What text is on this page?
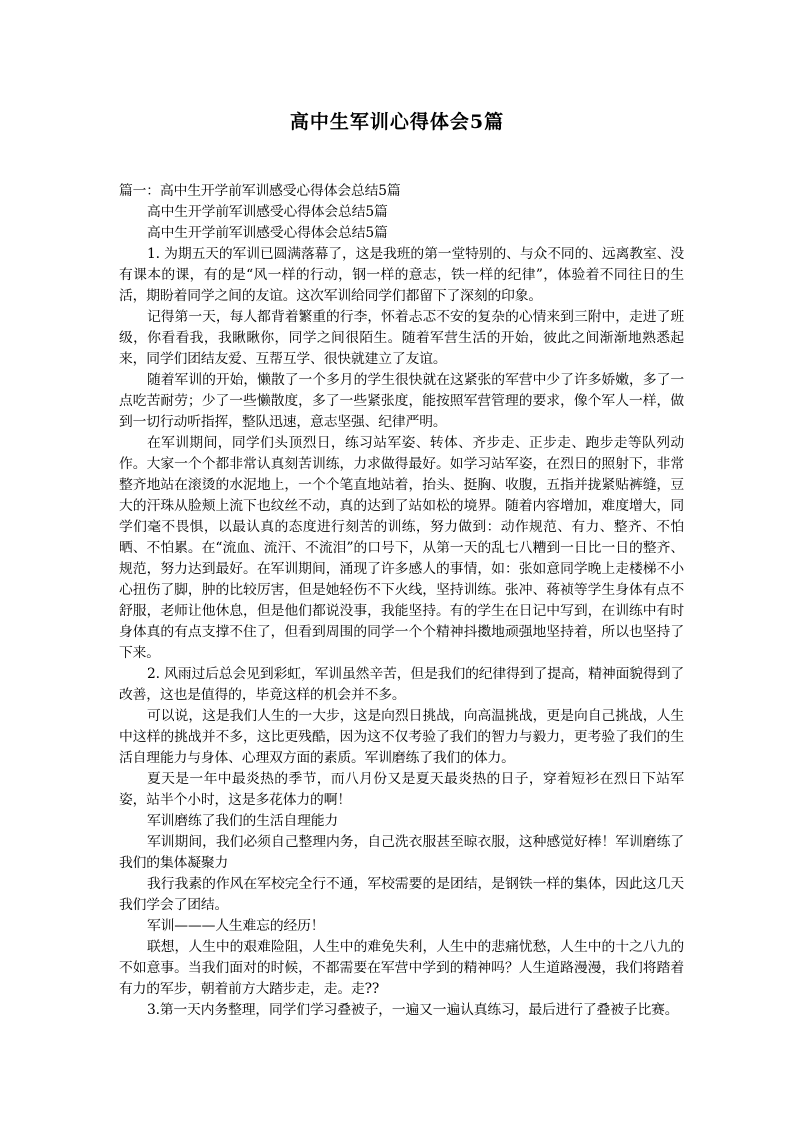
高中生军训心得体会5篇

篇一：高中生开学前军训感受心得体会总结5篇

高中生开学前军训感受心得体会总结5篇

高中生开学前军训感受心得体会总结5篇

1. 为期五天的军训已圆满落幕了，这是我班的第一堂特别的、与众不同的、远离教室、没有课本的课，有的是“风一样的行动，钢一样的意志，铁一样的纪律”，体验着不同往日的生活，期盼着同学之间的友谊。这次军训给同学们都留下了深刻的印象。

记得第一天，每人都背着繁重的行李，怀着忐忑不安的复杂的心情来到三附中，走进了班级，你看看我，我瞅瞅你，同学之间很陌生。随着军营生活的开始，彼此之间渐渐地熟悉起来，同学们团结友爱、互帮互学、很快就建立了友谊。

随着军训的开始，懒散了一个多月的学生很快就在这紧张的军营中少了许多娇嫩，多了一点吃苦耐劳；少了一些懒散度，多了一些紧张度，能按照军营管理的要求，像个军人一样，做到一切行动听指挥，整队迅速，意志坚强、纪律严明。

在军训期间，同学们头顶烈日，练习站军姿、转体、齐步走、正步走、跑步走等队列动作。大家一个个都非常认真刻苦训练，力求做得最好。如学习站军姿，在烈日的照射下，非常整齐地站在滚烫的水泥地上，一个个笔直地站着，抬头、挺胸、收腹，五指并拢紧贴裤缝，豆大的汗珠从脸颊上流下也纹丝不动，真的达到了站如松的境界。随着内容增加，难度增大，同学们毫不畏惧，以最认真的态度进行刻苦的训练，努力做到：动作规范、有力、整齐、不怕晒、不怕累。在“流血、流汗、不流泪”的口号下，从第一天的乱七八糟到一日比一日的整齐、规范，努力达到最好。在军训期间，涌现了许多感人的事情，如：张如意同学晚上走楼梯不小心扭伤了脚，肿的比较厉害，但是她轻伤不下火线，坚持训练。张冲、蒋祯等学生身体有点不舒服，老师让他休息，但是他们都说没事，我能坚持。有的学生在日记中写到，在训练中有时身体真的有点支撑不住了，但看到周围的同学一个个精神抖擞地顽强地坚持着，所以也坚持了下来。

2. 风雨过后总会见到彩虹，军训虽然辛苦，但是我们的纪律得到了提高，精神面貌得到了改善，这也是值得的，毕竟这样的机会并不多。

可以说，这是我们人生的一大步，这是向烈日挑战，向高温挑战，更是向自己挑战，人生中这样的挑战并不多，这比更残酷，因为这不仅考验了我们的智力与毅力，更考验了我们的生活自理能力与身体、心理双方面的素质。军训磨练了我们的体力。

夏天是一年中最炎热的季节，而八月份又是夏天最炎热的日子，穿着短衫在烈日下站军姿，站半个小时，这是多花体力的啊！

军训磨练了我们的生活自理能力

军训期间，我们必须自己整理内务，自己洗衣服甚至晾衣服，这种感觉好棒！军训磨练了我们的集体凝聚力

我行我素的作风在军校完全行不通，军校需要的是团结，是钢铁一样的集体，因此这几天我们学会了团结。

军训———人生难忘的经历！

联想，人生中的艰难险阻，人生中的难免失利，人生中的悲痛忧愁，人生中的十之八九的不如意事。当我们面对的时候，不都需要在军营中学到的精神吗？人生道路漫漫，我们将踏着有力的军步，朝着前方大踏步走，走。走??

3.第一天内务整理，同学们学习叠被子，一遍又一遍认真练习，最后进行了叠被子比赛。
